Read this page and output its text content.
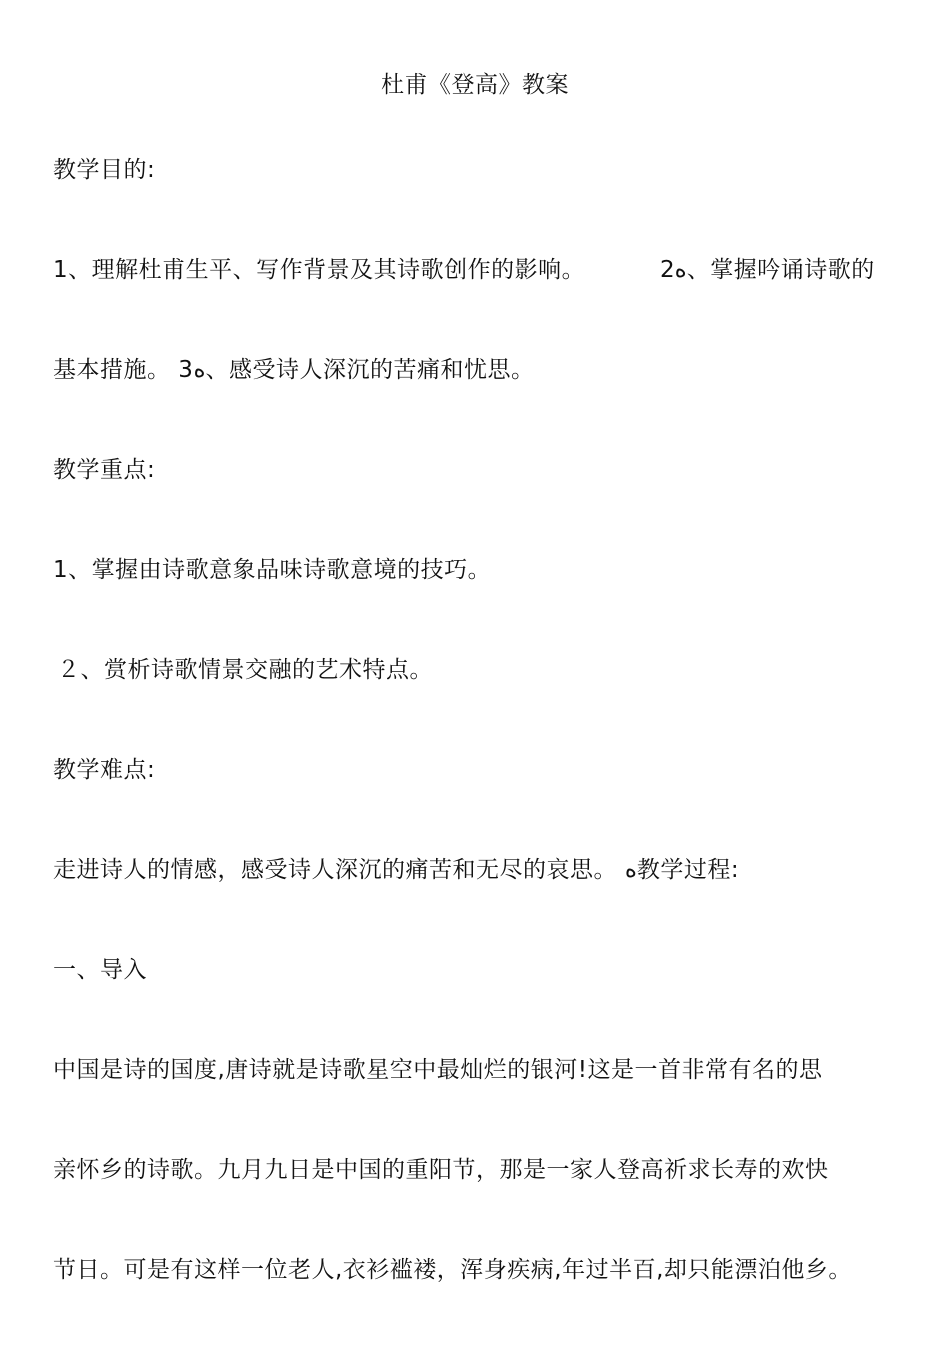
杜甫《登高》教案
教学目的:
1、理解杜甫生平、写作背景及其诗歌创作的影响。	2ﻩ、掌握吟诵诗歌的
基本措施。 3ﻩ、感受诗人深沉的苦痛和忧思。
教学重点:
1、掌握由诗歌意象品味诗歌意境的技巧。
２、赏析诗歌情景交融的艺术特点。
教学难点:
走进诗人的情感，感受诗人深沉的痛苦和无尽的哀思。 ﻩ教学过程:
一、导入
中国是诗的国度,唐诗就是诗歌星空中最灿烂的银河!这是一首非常有名的思
亲怀乡的诗歌。九月九日是中国的重阳节，那是一家人登高祈求长寿的欢快
节日。可是有这样一位老人,衣衫褴褛，浑身疾病,年过半百,却只能漂泊他乡。
